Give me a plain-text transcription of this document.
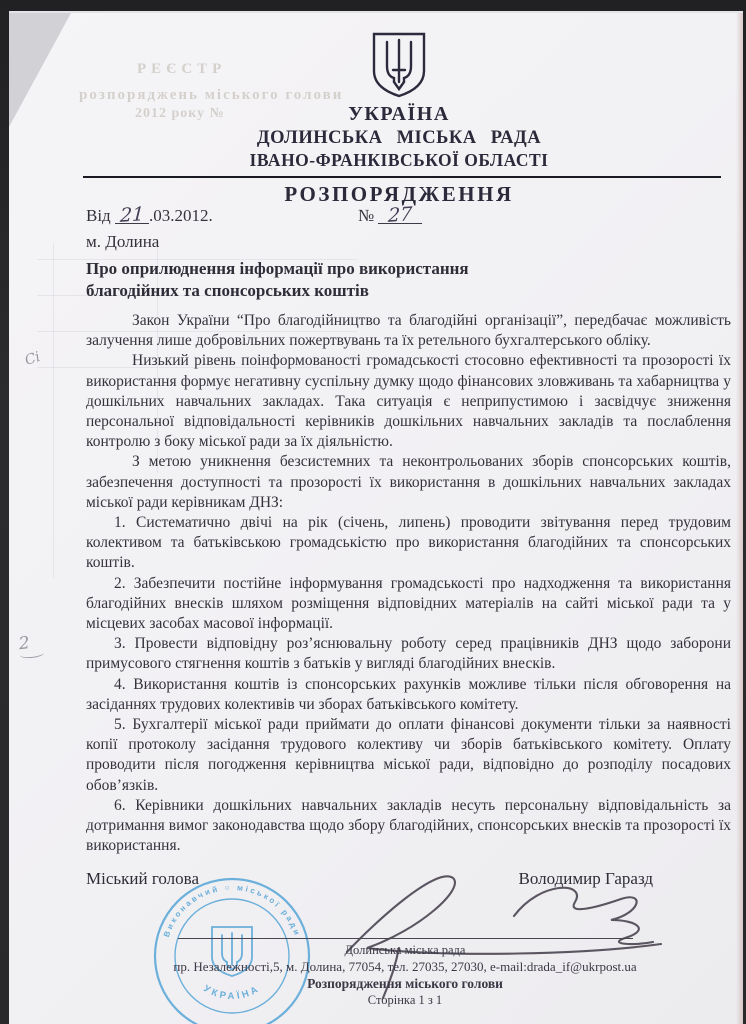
РЕЄСТР
розпоряджень міського голови
2012 року №	УКРАЇНА
ДОЛИНСЬКА МІСЬКА РАДА
ІВАНО-ФРАНКІВСЬКОЇ ОБЛАСТІ
РОЗПОРЯДЖЕННЯ
Від 21 .03.2012.	№ 27
м. Долина
Про оприлюднення інформації про використання
благодійних та спонсорських коштів

Закон України “Про благодійництво та благодійні організації”, передбачає можливість залучення лише добровільних пожертвувань та їх ретельного бухгалтерського обліку.

Низький рівень поінформованості громадськості стосовно ефективності та прозорості їх використання формує негативну суспільну думку щодо фінансових зловживань та хабарництва у дошкільних навчальних закладах. Така ситуація є неприпустимою і засвідчує зниження персональної відповідальності керівників дошкільних навчальних закладів та послаблення контролю з боку міської ради за їх діяльністю.

З метою уникнення безсистемних та неконтрольованих зборів спонсорських коштів, забезпечення доступності та прозорості їх використання в дошкільних навчальних закладах міської ради керівникам ДНЗ:

1. Систематично двічі на рік (січень, липень) проводити звітування перед трудовим колективом та батьківською громадськістю про використання благодійних та спонсорських коштів.

2. Забезпечити постійне інформування громадськості про надходження та використання благодійних внесків шляхом розміщення відповідних матеріалів на сайті міської ради та у місцевих засобах масової інформації.

3. Провести відповідну роз’яснювальну роботу серед працівників ДНЗ щодо заборони примусового стягнення коштів з батьків у вигляді благодійних внесків.

4. Використання коштів із спонсорських рахунків можливе тільки після обговорення на засіданнях трудових колективів чи зборах батьківського комітету.

5. Бухгалтерії міської ради приймати до оплати фінансові документи тільки за наявності копії протоколу засідання трудового колективу чи зборів батьківського комітету. Оплату проводити після погодження керівництва міської ради, відповідно до розподілу посадових обов’язків.

6. Керівники дошкільних навчальних закладів несуть персональну відповідальність за дотримання вимог законодавства щодо збору благодійних, спонсорських внесків та прозорості їх використання.

Міський голова	Володимир Гаразд
Виконавчий ○ міської ради
УКРАЇНА
Долинська міська рада
пр. Незалежності,5, м. Долина, 77054, тел. 27035, 27030, e-mail:drada_if@ukrpost.ua
Розпорядження міського голови
Сторінка 1 з 1
Сі
2
